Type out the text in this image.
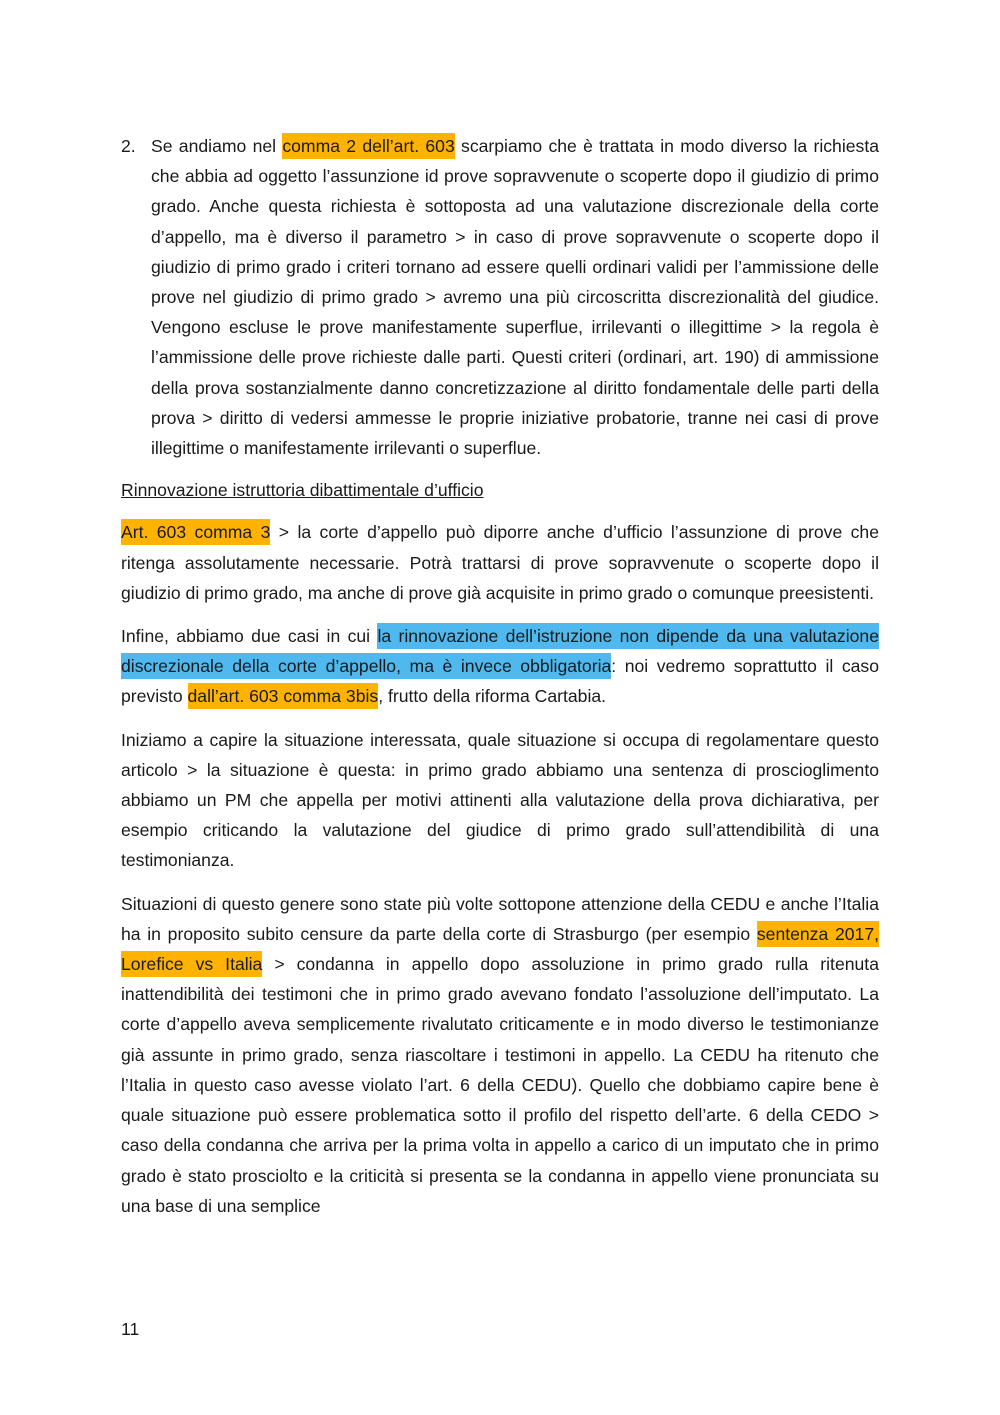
2. Se andiamo nel comma 2 dell’art. 603 scarpiamo che è trattata in modo diverso la richiesta che abbia ad oggetto l’assunzione id prove sopravvenute o scoperte dopo il giudizio di primo grado. Anche questa richiesta è sottoposta ad una valutazione discrezionale della corte d’appello, ma è diverso il parametro > in caso di prove sopravvenute o scoperte dopo il giudizio di primo grado i criteri tornano ad essere quelli ordinari validi per l’ammissione delle prove nel giudizio di primo grado > avremo una più circoscritta discrezionalità del giudice. Vengono escluse le prove manifestamente superflue, irrilevanti o illegittime > la regola è l’ammissione delle prove richieste dalle parti. Questi criteri (ordinari, art. 190) di ammissione della prova sostanzialmente danno concretizzazione al diritto fondamentale delle parti della prova > diritto di vedersi ammesse le proprie iniziative probatorie, tranne nei casi di prove illegittime o manifestamente irrilevanti o superflue.
Rinnovazione istruttoria dibattimentale d’ufficio

Art. 603 comma 3 > la corte d’appello può diporre anche d’ufficio l’assunzione di prove che ritenga assolutamente necessarie. Potrà trattarsi di prove sopravvenute o scoperte dopo il giudizio di primo grado, ma anche di prove già acquisite in primo grado o comunque preesistenti.

Infine, abbiamo due casi in cui la rinnovazione dell’istruzione non dipende da una valutazione discrezionale della corte d’appello, ma è invece obbligatoria: noi vedremo soprattutto il caso previsto dall’art. 603 comma 3bis, frutto della riforma Cartabia.

Iniziamo a capire la situazione interessata, quale situazione si occupa di regolamentare questo articolo > la situazione è questa: in primo grado abbiamo una sentenza di proscioglimento abbiamo un PM che appella per motivi attinenti alla valutazione della prova dichiarativa, per esempio criticando la valutazione del giudice di primo grado sull’attendibilità di una testimonianza.

Situazioni di questo genere sono state più volte sottopone attenzione della CEDU e anche l’Italia ha in proposito subito censure da parte della corte di Strasburgo (per esempio sentenza 2017, Lorefice vs Italia > condanna in appello dopo assoluzione in primo grado rulla ritenuta inattendibilità dei testimoni che in primo grado avevano fondato l’assoluzione dell’imputato. La corte d’appello aveva semplicemente rivalutato criticamente e in modo diverso le testimonianze già assunte in primo grado, senza riascoltare i testimoni in appello. La CEDU ha ritenuto che l’Italia in questo caso avesse violato l’art. 6 della CEDU). Quello che dobbiamo capire bene è quale situazione può essere problematica sotto il profilo del rispetto dell’arte. 6 della CEDO > caso della condanna che arriva per la prima volta in appello a carico di un imputato che in primo grado è stato prosciolto e la criticità si presenta se la condanna in appello viene pronunciata su una base di una semplice

11
